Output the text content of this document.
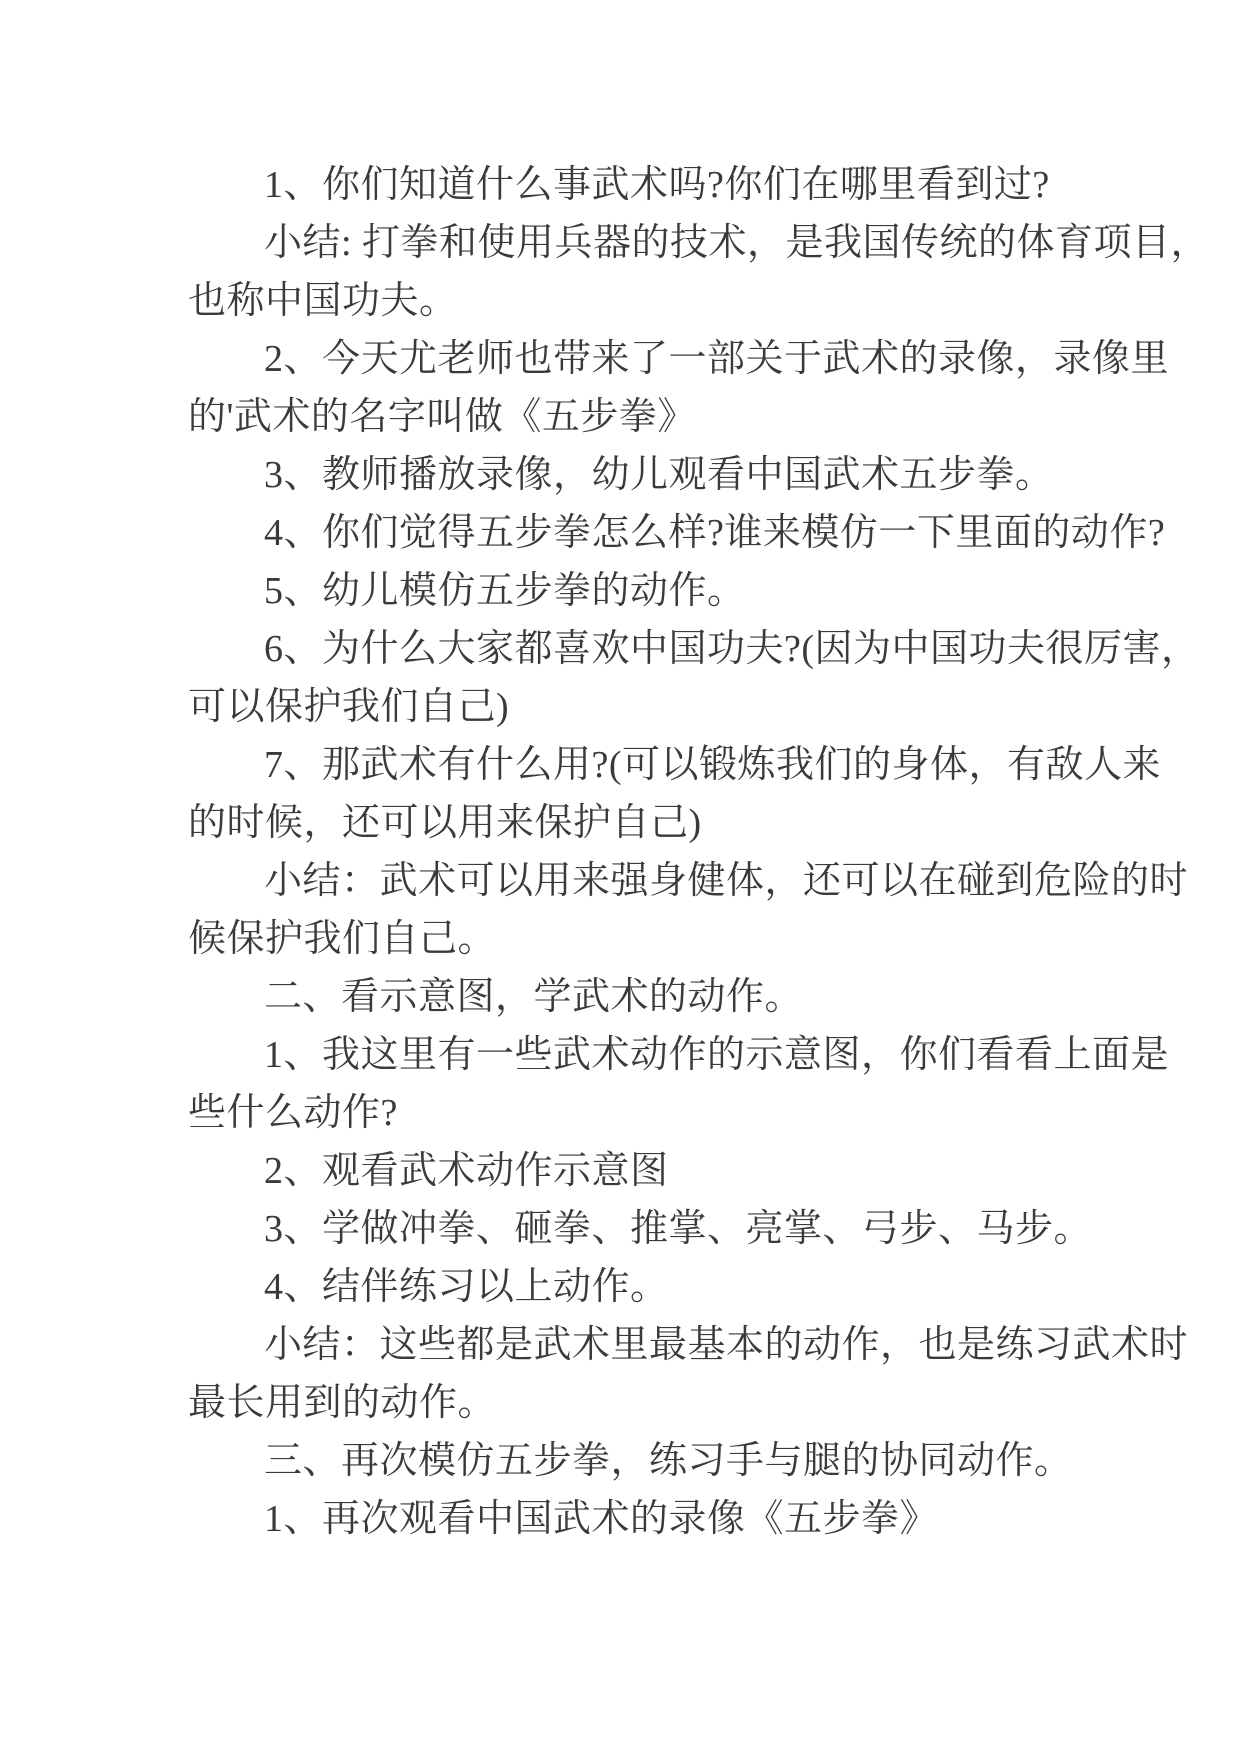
1、你们知道什么事武术吗?你们在哪里看到过?

小结: 打拳和使用兵器的技术，是我国传统的体育项目，
也称中国功夫。

2、今天尤老师也带来了一部关于武术的录像，录像里
的'武术的名字叫做《五步拳》

3、教师播放录像，幼儿观看中国武术五步拳。

4、你们觉得五步拳怎么样?谁来模仿一下里面的动作?

5、幼儿模仿五步拳的动作。

6、为什么大家都喜欢中国功夫?(因为中国功夫很厉害，
可以保护我们自己)

7、那武术有什么用?(可以锻炼我们的身体，有敌人来
的时候，还可以用来保护自己)

小结：武术可以用来强身健体，还可以在碰到危险的时
候保护我们自己。

二、看示意图，学武术的动作。

1、我这里有一些武术动作的示意图，你们看看上面是
些什么动作?

2、观看武术动作示意图

3、学做冲拳、砸拳、推掌、亮掌、弓步、马步。

4、结伴练习以上动作。

小结：这些都是武术里最基本的动作，也是练习武术时
最长用到的动作。

三、再次模仿五步拳，练习手与腿的协同动作。

1、再次观看中国武术的录像《五步拳》
